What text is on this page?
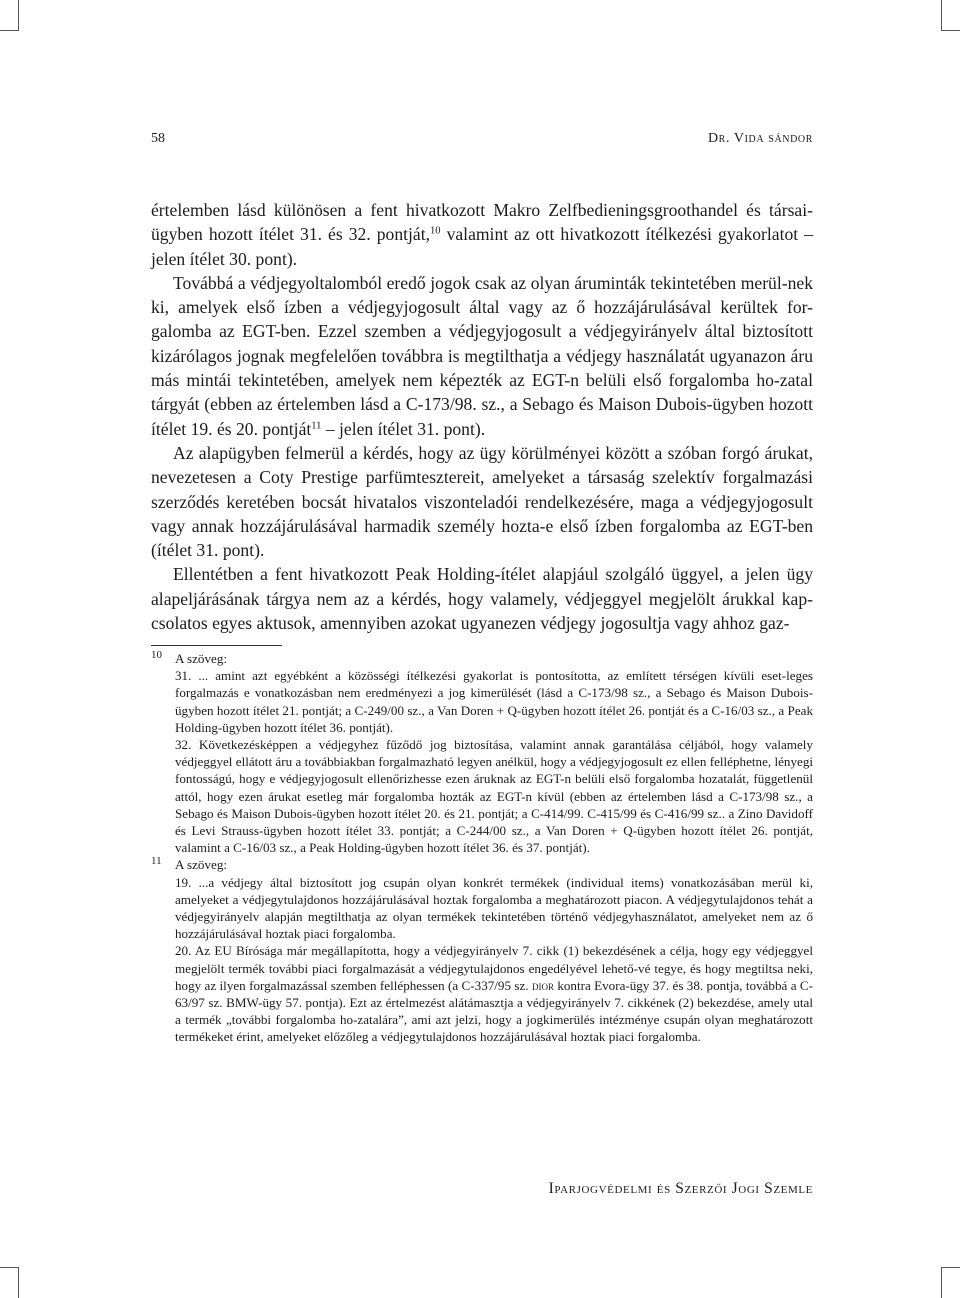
58	Dr. Vida sándor

értelemben lásd különösen a fent hivatkozott Makro Zelfbedieningsgroothandel és társai-ügyben hozott ítélet 31. és 32. pontját,$^{10}$ valamint az ott hivatkozott ítélkezési gyakorlatot – jelen ítélet 30. pont).

Továbbá a védjegyoltalomból eredő jogok csak az olyan áruminták tekintetében merül-nek ki, amelyek első ízben a védjegyjogosult által vagy az ő hozzájárulásával kerültek for-galomba az EGT-ben. Ezzel szemben a védjegyjogosult a védjegyirányelv által biztosított kizárólagos jognak megfelelően továbbra is megtilthatja a védjegy használatát ugyanazon áru más mintái tekintetében, amelyek nem képezték az EGT-n belüli első forgalomba ho-zatal tárgyát (ebben az értelemben lásd a C-173/98. sz., a Sebago és Maison Dubois-ügyben hozott ítélet 19. és 20. pontját$^{11}$ – jelen ítélet 31. pont).

Az alapügyben felmerül a kérdés, hogy az ügy körülményei között a szóban forgó árukat, nevezetesen a Coty Prestige parfümtesztereit, amelyeket a társaság szelektív forgalmazási szerződés keretében bocsát hivatalos viszonteladói rendelkezésére, maga a védjegyjogosult vagy annak hozzájárulásával harmadik személy hozta-e első ízben forgalomba az EGT-ben (ítélet 31. pont).

Ellentétben a fent hivatkozott Peak Holding-ítélet alapjául szolgáló üggyel, a jelen ügy alapeljárásának tárgya nem az a kérdés, hogy valamely, védjeggyel megjelölt árukkal kap-csolatos egyes aktusok, amennyiben azokat ugyanezen védjegy jogosultja vagy ahhoz gaz-

10 A szöveg:

31. ... amint azt egyébként a közösségi ítélkezési gyakorlat is pontosította, az említett térségen kívüli eset-leges forgalmazás e vonatkozásban nem eredményezi a jog kimerülését (lásd a C-173/98 sz., a Sebago és Maison Dubois-ügyben hozott ítélet 21. pontját; a C-249/00 sz., a Van Doren + Q-ügyben hozott ítélet 26. pontját és a C-16/03 sz., a Peak Holding-ügyben hozott ítélet 36. pontját).

32. Következésképpen a védjegyhez fűződő jog biztosítása, valamint annak garantálása céljából, hogy valamely védjeggyel ellátott áru a továbbiakban forgalmazható legyen anélkül, hogy a védjegyjogosult ez ellen felléphetne, lényegi fontosságú, hogy e védjegyjogosult ellenőrizhesse ezen áruknak az EGT-n belüli első forgalomba hozatalát, függetlenül attól, hogy ezen árukat esetleg már forgalomba hozták az EGT-n kívül (ebben az értelemben lásd a C-173/98 sz., a Sebago és Maison Dubois-ügyben hozott ítélet 20. és 21. pontját; a C-414/99. C-415/99 és C-416/99 sz.. a Zino Davidoff és Levi Strauss-ügyben hozott ítélet 33. pontját; a C-244/00 sz., a Van Doren + Q-ügyben hozott ítélet 26. pontját, valamint a C-16/03 sz., a Peak Holding-ügyben hozott ítélet 36. és 37. pontját).

11 A szöveg:

19. ...a védjegy által biztosított jog csupán olyan konkrét termékek (individual items) vonatkozásában merül ki, amelyeket a védjegytulajdonos hozzájárulásával hoztak forgalomba a meghatározott piacon. A védjegytulajdonos tehát a védjegyirányelv alapján megtilthatja az olyan termékek tekintetében történő védjegyhasználatot, amelyeket nem az ő hozzájárulásával hoztak piaci forgalomba.

20. Az EU Bírósága már megállapította, hogy a védjegyirányelv 7. cikk (1) bekezdésének a célja, hogy egy védjeggyel megjelölt termék további piaci forgalmazását a védjegytulajdonos engedélyével lehető-vé tegye, és hogy megtiltsa neki, hogy az ilyen forgalmazással szemben felléphessen (a C-337/95 sz. dior kontra Evora-ügy 37. és 38. pontja, továbbá a C-63/97 sz. BMW-ügy 57. pontja). Ezt az értelmezést alátámasztja a védjegyirányelv 7. cikkének (2) bekezdése, amely utal a termék „további forgalomba ho-zatalára”, ami azt jelzi, hogy a jogkimerülés intézménye csupán olyan meghatározott termékeket érint, amelyeket előzőleg a védjegytulajdonos hozzájárulásával hoztak piaci forgalomba.

Iparjogvédelmi és Szerzői Jogi Szemle
